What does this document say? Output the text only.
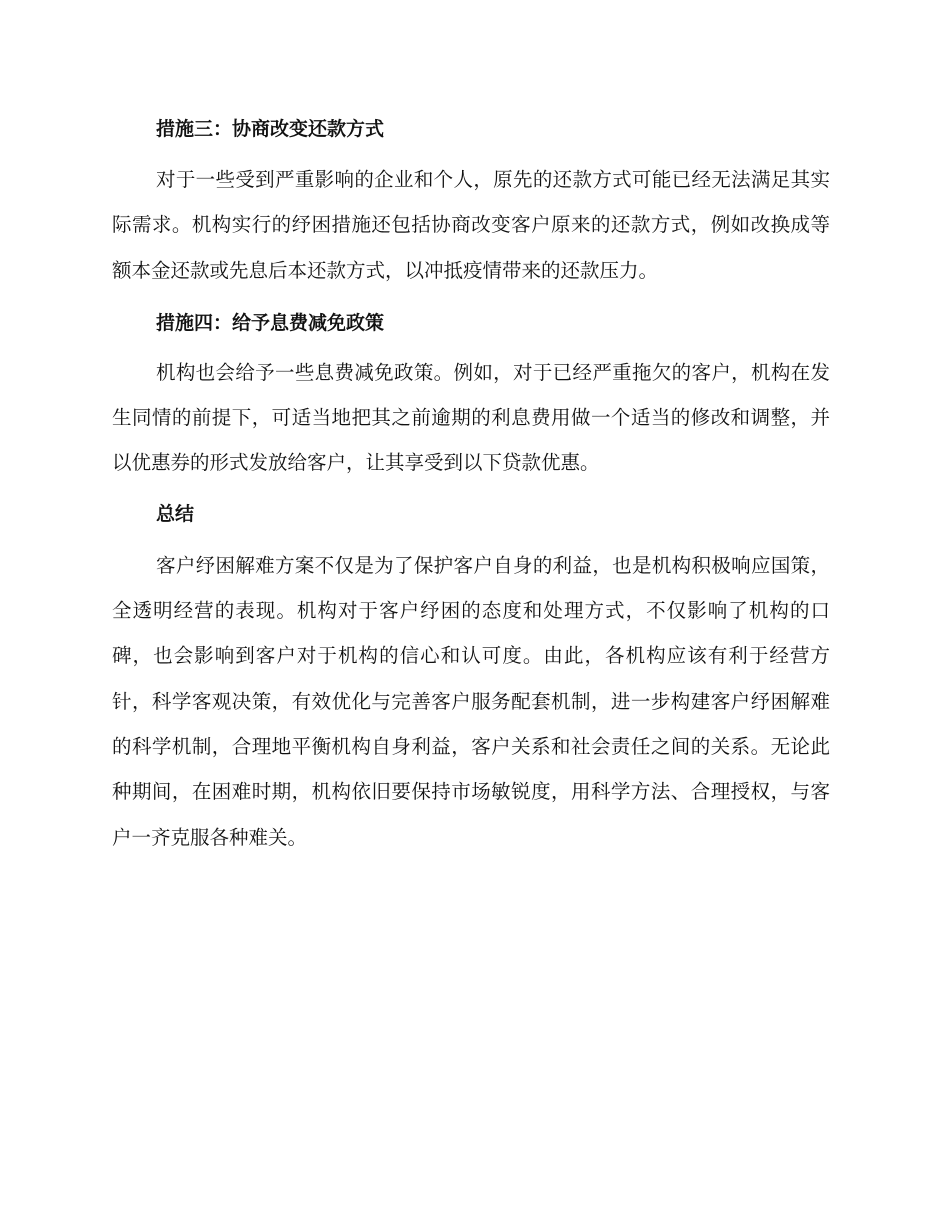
措施三：协商改变还款方式

对于一些受到严重影响的企业和个人，原先的还款方式可能已经无法满足其实际需求。机构实行的纾困措施还包括协商改变客户原来的还款方式，例如改换成等额本金还款或先息后本还款方式，以冲抵疫情带来的还款压力。

措施四：给予息费减免政策

机构也会给予一些息费减免政策。例如，对于已经严重拖欠的客户，机构在发生同情的前提下，可适当地把其之前逾期的利息费用做一个适当的修改和调整，并以优惠券的形式发放给客户，让其享受到以下贷款优惠。

总结

客户纾困解难方案不仅是为了保护客户自身的利益，也是机构积极响应国策，全透明经营的表现。机构对于客户纾困的态度和处理方式，不仅影响了机构的口碑，也会影响到客户对于机构的信心和认可度。由此，各机构应该有利于经营方针，科学客观决策，有效优化与完善客户服务配套机制，进一步构建客户纾困解难的科学机制，合理地平衡机构自身利益，客户关系和社会责任之间的关系。无论此种期间，在困难时期，机构依旧要保持市场敏锐度，用科学方法、合理授权，与客户一齐克服各种难关。
